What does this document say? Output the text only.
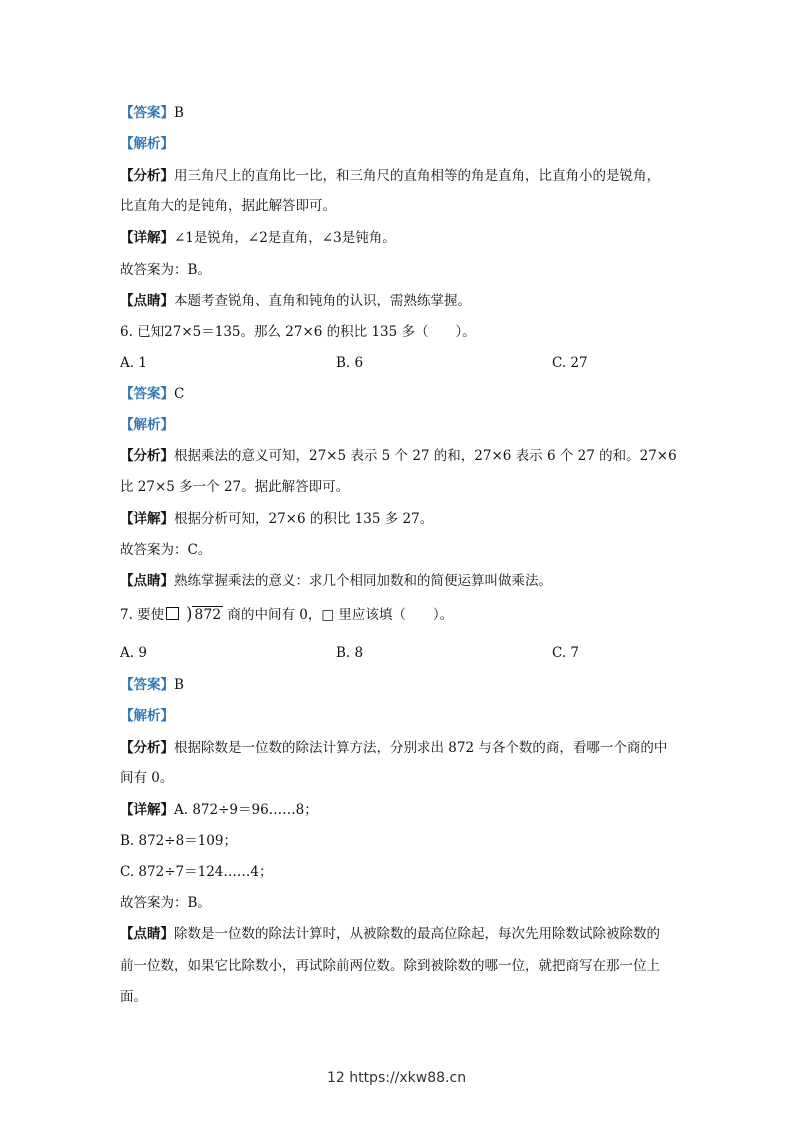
【答案】B
【解析】
【分析】用三角尺上的直角比一比，和三角尺的直角相等的角是直角，比直角小的是锐角，
比直角大的是钝角，据此解答即可。
【详解】∠1是锐角，∠2是直角，∠3是钝角。
故答案为：B。
【点睛】本题考查锐角、直角和钝角的认识，需熟练掌握。
6. 已知27×5＝135。那么 27×6 的积比 135 多（　　）。
A. 1	B. 6	C. 27
【答案】C
【解析】
【分析】根据乘法的意义可知，27×5 表示 5 个 27 的和，27×6 表示 6 个 27 的和。27×6
比 27×5 多一个 27。据此解答即可。
【详解】根据分析可知，27×6 的积比 135 多 27。
故答案为：C。
【点睛】熟练掌握乘法的意义：求几个相同加数和的简便运算叫做乘法。
7. 要使 ) 872 商的中间有 0，□ 里应该填（　　）。
A. 9	B. 8	C. 7
【答案】B
【解析】
【分析】根据除数是一位数的除法计算方法，分别求出 872 与各个数的商，看哪一个商的中
间有 0。
【详解】A. 872÷9＝96……8；
B. 872÷8＝109；
C. 872÷7＝124……4；
故答案为：B。
【点睛】除数是一位数的除法计算时，从被除数的最高位除起，每次先用除数试除被除数的
前一位数，如果它比除数小，再试除前两位数。除到被除数的哪一位，就把商写在那一位上
面。
12 https://xkw88.cn
